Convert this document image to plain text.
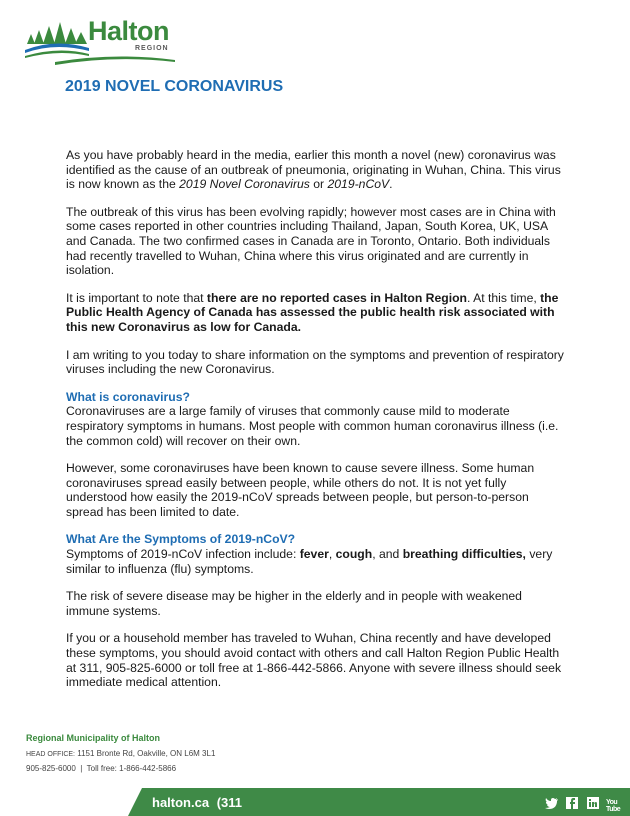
Halton
REGION
2019 NOVEL CORONAVIRUS

As you have probably heard in the media, earlier this month a novel (new) coronavirus was identified as the cause of an outbreak of pneumonia, originating in Wuhan, China. This virus is now known as the 2019 Novel Coronavirus or 2019-nCoV.

The outbreak of this virus has been evolving rapidly; however most cases are in China with some cases reported in other countries including Thailand, Japan, South Korea, UK, USA and Canada. The two confirmed cases in Canada are in Toronto, Ontario. Both individuals had recently travelled to Wuhan, China where this virus originated and are currently in isolation.

It is important to note that there are no reported cases in Halton Region. At this time, the Public Health Agency of Canada has assessed the public health risk associated with this new Coronavirus as low for Canada.

I am writing to you today to share information on the symptoms and prevention of respiratory viruses including the new Coronavirus.

What is coronavirus?

Coronaviruses are a large family of viruses that commonly cause mild to moderate respiratory symptoms in humans. Most people with common human coronavirus illness (i.e. the common cold) will recover on their own.

However, some coronaviruses have been known to cause severe illness. Some human coronaviruses spread easily between people, while others do not. It is not yet fully understood how easily the 2019-nCoV spreads between people, but person-to-person spread has been limited to date.

What Are the Symptoms of 2019-nCoV?

Symptoms of 2019-nCoV infection include: fever, cough, and breathing difficulties, very similar to influenza (flu) symptoms.

The risk of severe disease may be higher in the elderly and in people with weakened immune systems.

If you or a household member has traveled to Wuhan, China recently and have developed these symptoms, you should avoid contact with others and call Halton Region Public Health at 311, 905-825-6000 or toll free at 1-866-442-5866. Anyone with severe illness should seek immediate medical attention.

Regional Municipality of Halton
HEAD OFFICE: 1151 Bronte Rd, Oakville, ON L6M 3L1
905-825-6000 | Toll free: 1-866-442-5866
halton.ca (311	You Tube
